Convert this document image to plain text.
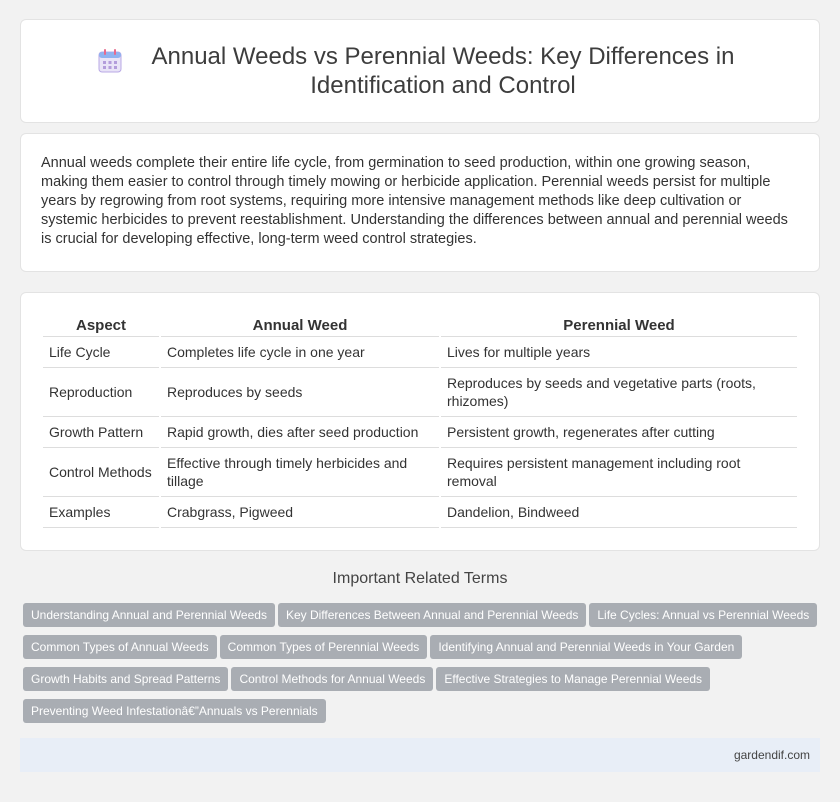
Annual Weeds vs Perennial Weeds: Key Differences in Identification and Control

Annual weeds complete their entire life cycle, from germination to seed production, within one growing season, making them easier to control through timely mowing or herbicide application. Perennial weeds persist for multiple years by regrowing from root systems, requiring more intensive management methods like deep cultivation or systemic herbicides to prevent reestablishment. Understanding the differences between annual and perennial weeds is crucial for developing effective, long-term weed control strategies.

Aspect	Annual Weed	Perennial Weed
Life Cycle	Completes life cycle in one year	Lives for multiple years
Reproduction	Reproduces by seeds	Reproduces by seeds and vegetative parts (roots, rhizomes)
Growth Pattern	Rapid growth, dies after seed production	Persistent growth, regenerates after cutting
Control Methods	Effective through timely herbicides and tillage	Requires persistent management including root removal
Examples	Crabgrass, Pigweed	Dandelion, Bindweed
Important Related Terms
Understanding Annual and Perennial Weeds Key Differences Between Annual and Perennial Weeds Life Cycles: Annual vs Perennial WeedsCommon Types of Annual Weeds Common Types of Perennial Weeds Identifying Annual and Perennial Weeds in Your GardenGrowth Habits and Spread Patterns Control Methods for Annual Weeds Effective Strategies to Manage Perennial WeedsPreventing Weed Infestationâ€”Annuals vs Perennials
gardendif.com
